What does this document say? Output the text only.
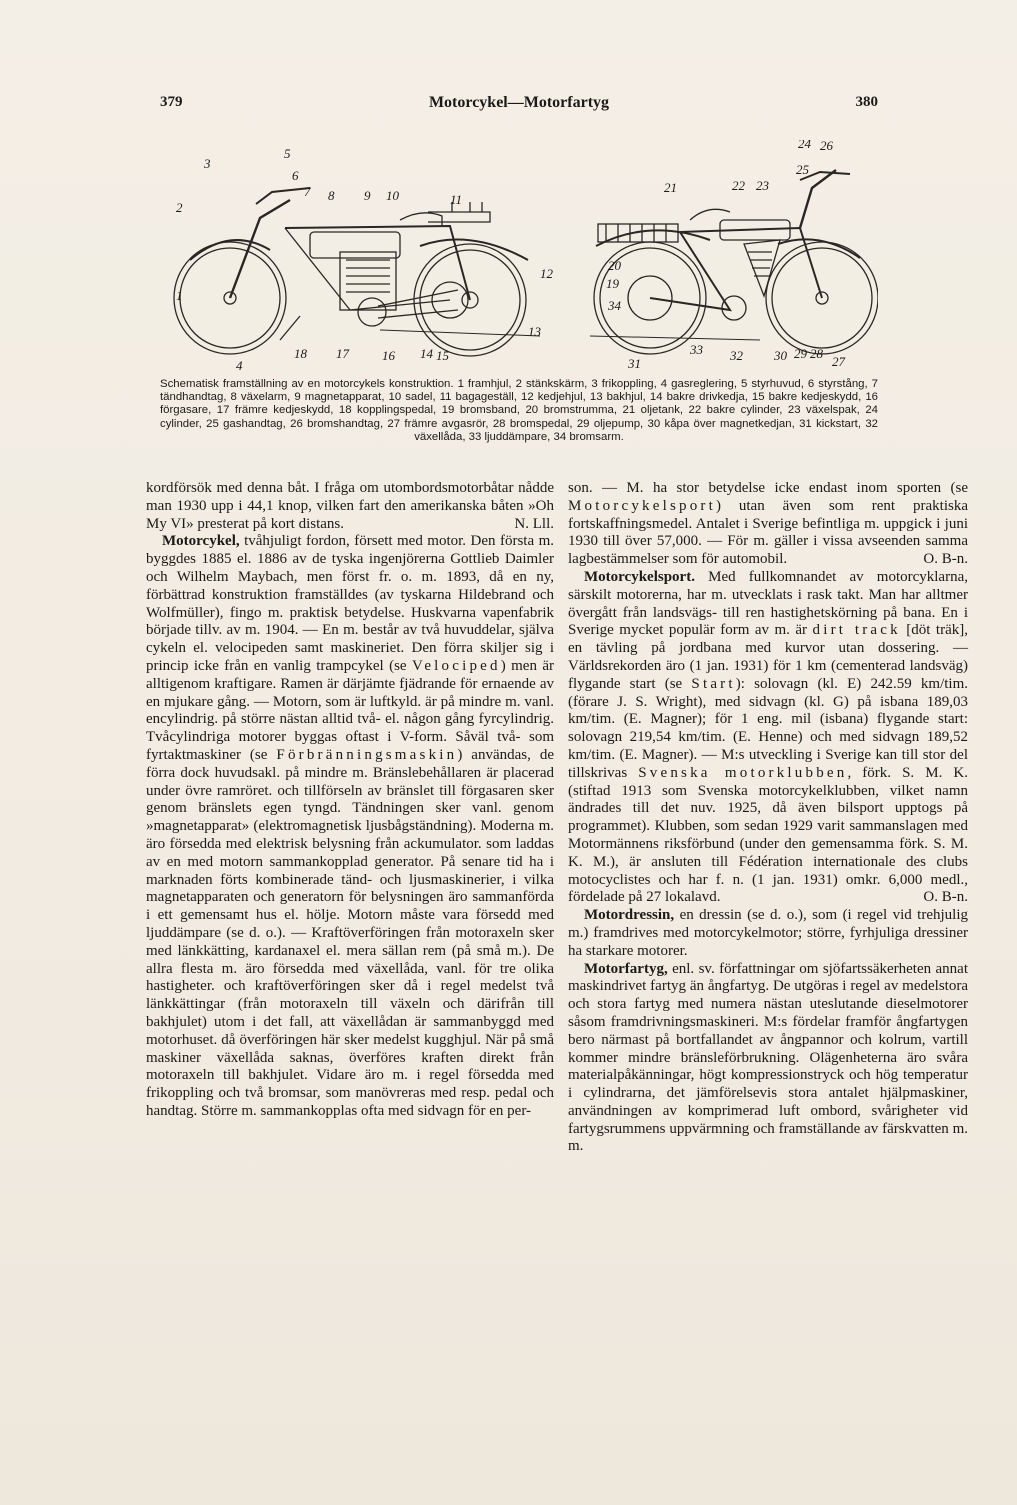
379	Motorcykel—Motorfartyg	380
3
5
6
7 8 9 10	11
2
1
12
13
4
18 17	16 14 15
24 26
25
21	22 23
20
19
34
31
33 32 30 29 28
27
Schematisk framställning av en motorcykels konstruktion. 1 framhjul, 2 stänkskärm, 3 frikoppling, 4 gasreglering, 5 styrhuvud, 6 styrstång, 7 tändhandtag, 8 växelarm, 9 magnetapparat, 10 sadel, 11 bagageställ, 12 kedjehjul, 13 bakhjul, 14 bakre drivkedja, 15 bakre kedjeskydd, 16 förgasare, 17 främre kedjeskydd, 18 kopplingspedal, 19 bromsband, 20 bromstrumma, 21 oljetank, 22 bakre cylinder, 23 växelspak, 24 cylinder, 25 gashandtag, 26 bromshandtag, 27 främre avgasrör, 28 bromspedal, 29 oljepump, 30 kåpa över magnetkedjan, 31 kickstart, 32 växellåda, 33 ljuddämpare, 34 bromsarm.

kordförsök med denna båt. I fråga om utombordsmotorbåtar nådde man 1930 upp i 44,1 knop, vilken fart den amerikanska båten »Oh My VI» presterat på kort distans.	N. Lll.

Motorcykel, tvåhjuligt fordon, försett med motor. Den första m. byggdes 1885 el. 1886 av de tyska ingenjörerna Gottlieb Daimler och Wilhelm Maybach, men först fr. o. m. 1893, då en ny, förbättrad konstruktion framställdes (av tyskarna Hildebrand och Wolfmüller), fingo m. praktisk betydelse. Huskvarna vapenfabrik började tillv. av m. 1904. — En m. består av två huvuddelar, själva cykeln el. velocipeden samt maskineriet. Den förra skiljer sig i princip icke från en vanlig trampcykel (se Velociped) men är alltigenom kraftigare. Ramen är därjämte fjädrande för ernaende av en mjukare gång. — Motorn, som är luftkyld. är på mindre m. vanl. encylindrig. på större nästan alltid två- el. någon gång fyrcylindrig. Tvåcylindriga motorer byggas oftast i V-form. Såväl två- som fyrtaktmaskiner (se Förbränningsmaskin) användas, de förra dock huvudsakl. på mindre m. Bränslebehållaren är placerad under övre ramröret. och tillförseln av bränslet till förgasaren sker genom bränslets egen tyngd. Tändningen sker vanl. genom »magnetapparat» (elektromagnetisk ljusbågständning). Moderna m. äro försedda med elektrisk belysning från ackumulator. som laddas av en med motorn sammankopplad generator. På senare tid ha i marknaden förts kombinerade tänd- och ljusmaskinerier, i vilka magnetapparaten och generatorn för belysningen äro sammanförda i ett gemensamt hus el. hölje. Motorn måste vara försedd med ljuddämpare (se d. o.). — Kraftöverföringen från motoraxeln sker med länkkätting, kardanaxel el. mera sällan rem (på små m.). De allra flesta m. äro försedda med växellåda, vanl. för tre olika hastigheter. och kraftöverföringen sker då i regel medelst två länkkättingar (från motoraxeln till växeln och därifrån till bakhjulet) utom i det fall, att växellådan är sammanbyggd med motorhuset. då överföringen här sker medelst kugghjul. När på små maskiner växellåda saknas, överföres kraften direkt från motoraxeln till bakhjulet. Vidare äro m. i regel försedda med frikoppling och två bromsar, som manövreras med resp. pedal och handtag. Större m. sammankopplas ofta med sidvagn för en per-

son. — M. ha stor betydelse icke endast inom sporten (se Motorcykelsport) utan även som rent praktiska fortskaffningsmedel. Antalet i Sverige befintliga m. uppgick i juni 1930 till över 57,000. — För m. gäller i vissa avseenden samma lagbestämmelser som för automobil.	O. B-n.

Motorcykelsport. Med fullkomnandet av motorcyklarna, särskilt motorerna, har m. utvecklats i rask takt. Man har alltmer övergått från landsvägs- till ren hastighetskörning på bana. En i Sverige mycket populär form av m. är dirt track [döt träk], en tävling på jordbana med kurvor utan dossering. — Världsrekorden äro (1 jan. 1931) för 1 km (cementerad landsväg) flygande start (se Start): solovagn (kl. E) 242.59 km/tim. (förare J. S. Wright), med sidvagn (kl. G) på isbana 189,03 km/tim. (E. Magner); för 1 eng. mil (isbana) flygande start: solovagn 219,54 km/tim. (E. Henne) och med sidvagn 189,52 km/tim. (E. Magner). — M:s utveckling i Sverige kan till stor del tillskrivas Svenska motorklubben, förk. S. M. K. (stiftad 1913 som Svenska motorcykelklubben, vilket namn ändrades till det nuv. 1925, då även bilsport upptogs på programmet). Klubben, som sedan 1929 varit sammanslagen med Motormännens riksförbund (under den gemensamma förk. S. M. K. M.), är ansluten till Fédération internationale des clubs motocyclistes och har f. n. (1 jan. 1931) omkr. 6,000 medl., fördelade på 27 lokalavd.	O. B-n.

Motordressin, en dressin (se d. o.), som (i regel vid trehjulig m.) framdrives med motorcykelmotor; större, fyrhjuliga dressiner ha starkare motorer.

Motorfartyg, enl. sv. författningar om sjöfartssäkerheten annat maskindrivet fartyg än ångfartyg. De utgöras i regel av medelstora och stora fartyg med numera nästan uteslutande dieselmotorer såsom framdrivningsmaskineri. M:s fördelar framför ångfartygen bero närmast på bortfallandet av ångpannor och kolrum, vartill kommer mindre bränsleförbrukning. Olägenheterna äro svåra materialpåkänningar, högt kompressionstryck och hög temperatur i cylindrarna, det jämförelsevis stora antalet hjälpmaskiner, användningen av komprimerad luft ombord, svårigheter vid fartygsrummens uppvärmning och framställande av färskvatten m. m.
